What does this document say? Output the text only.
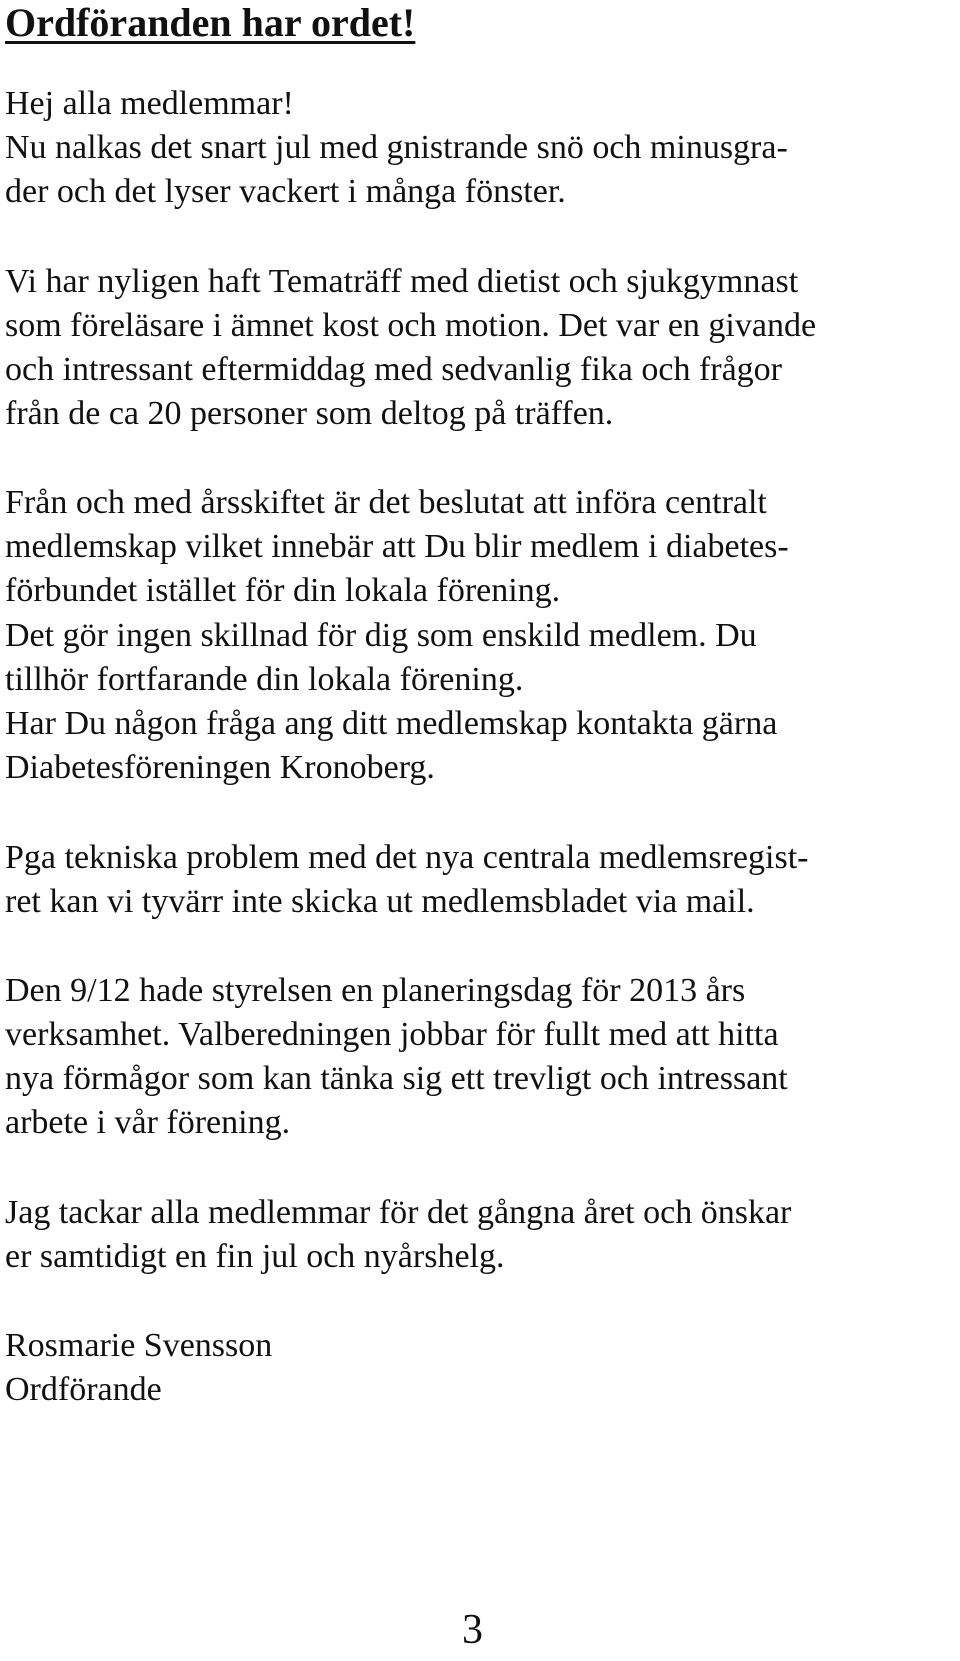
Ordföranden har ordet!

Hej alla medlemmar!

Nu nalkas det snart jul med gnistrande snö och minusgra-

der och det lyser vackert i många fönster.

Vi har nyligen haft Tematräff med dietist och sjukgymnast

som föreläsare i ämnet kost och motion. Det var en givande

och intressant eftermiddag med sedvanlig fika och frågor

från de ca 20 personer som deltog på träffen.

Från och med årsskiftet är det beslutat att införa centralt

medlemskap vilket innebär att Du blir medlem i diabetes-

förbundet istället för din lokala förening.

Det gör ingen skillnad för dig som enskild medlem. Du

tillhör fortfarande din lokala förening.

Har Du någon fråga ang ditt medlemskap kontakta gärna

Diabetesföreningen Kronoberg.

Pga tekniska problem med det nya centrala medlemsregist-

ret kan vi tyvärr inte skicka ut medlemsbladet via mail.

Den 9/12 hade styrelsen en planeringsdag för 2013 års

verksamhet. Valberedningen jobbar för fullt med att hitta

nya förmågor som kan tänka sig ett trevligt och intressant

arbete i vår förening.

Jag tackar alla medlemmar för det gångna året och önskar

er samtidigt en fin jul och nyårshelg.

Rosmarie Svensson

Ordförande

3
